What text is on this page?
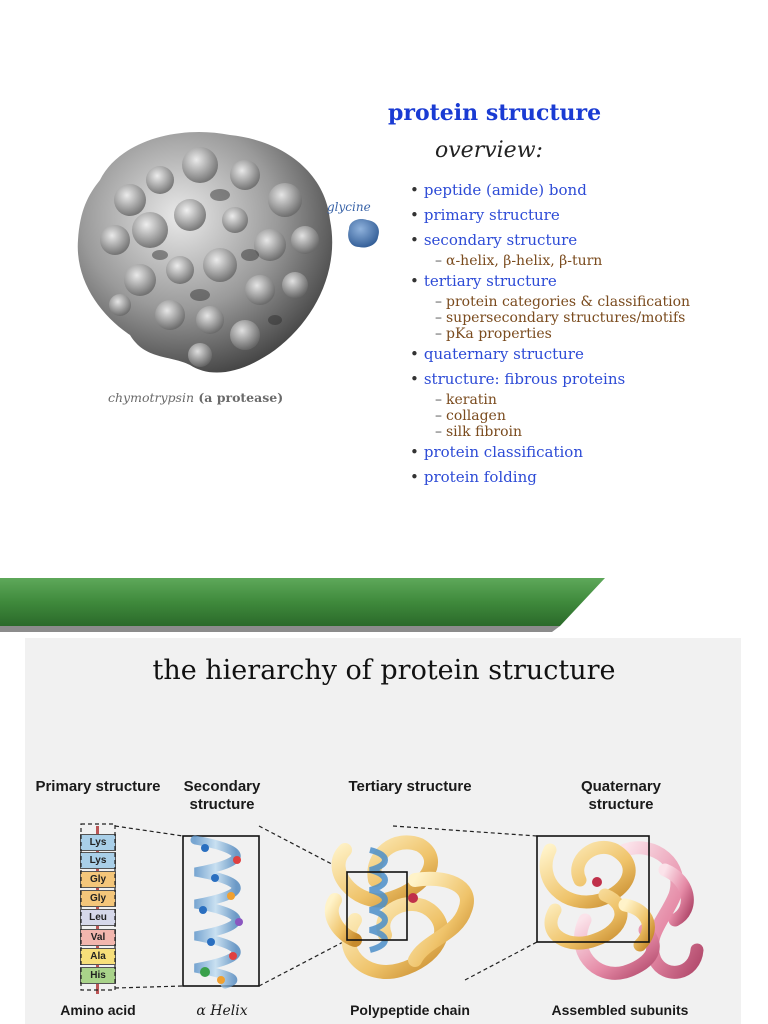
glycine
chymotrypsin (a protease)
protein structure
overview:
• peptide (amide) bond
• primary structure
• secondary structure
– α-helix, β-helix, β-turn
• tertiary structure
– protein categories & classification
– supersecondary structures/motifs
– pKa properties
• quaternary structure
• structure: fibrous proteins
– keratin
– collagen
– silk fibroin
• protein classification
• protein folding
the hierarchy of protein structure
Primary structure	Secondary structure
Tertiary structure	Quaternary structure
Lys
Lys
Gly
Gly
Leu
Val
Ala
His
Amino acid	α Helix	Polypeptide chain	Assembled subunits
